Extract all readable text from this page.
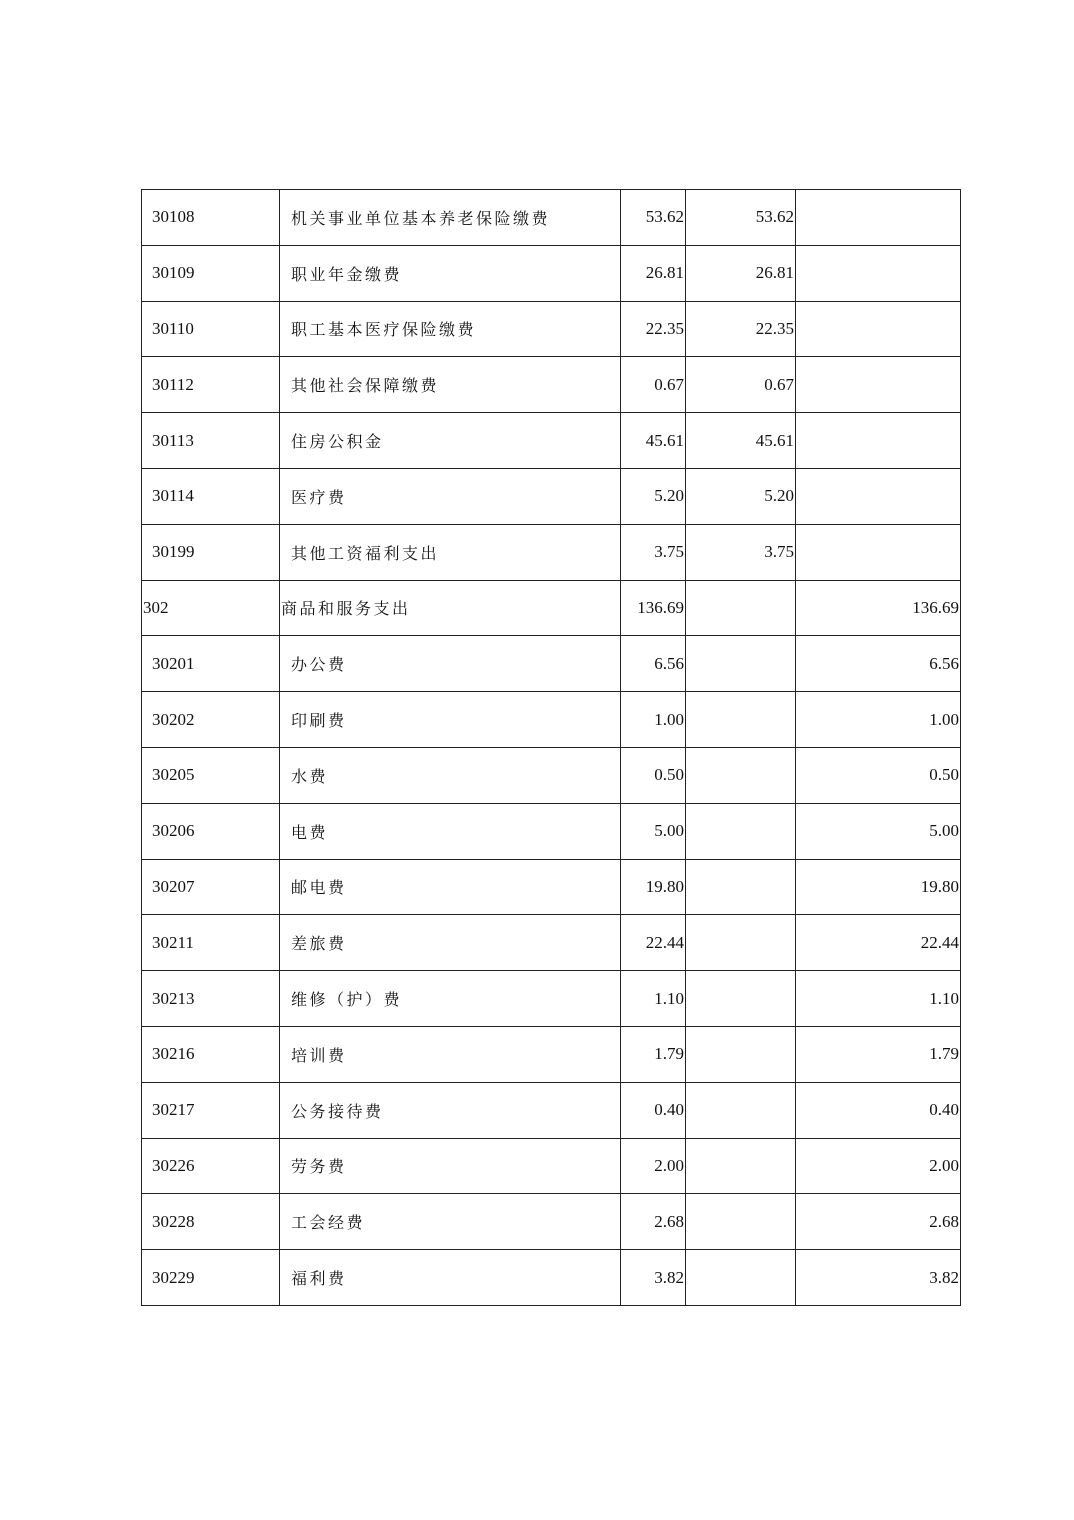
30108	机关事业单位基本养老保险缴费	53.62	53.62	
30109	职业年金缴费	26.81	26.81	
30110	职工基本医疗保险缴费	22.35	22.35	
30112	其他社会保障缴费	0.67	0.67	
30113	住房公积金	45.61	45.61	
30114	医疗费	5.20	5.20	
30199	其他工资福利支出	3.75	3.75	
302	商品和服务支出	136.69		136.69
30201	办公费	6.56		6.56
30202	印刷费	1.00		1.00
30205	水费	0.50		0.50
30206	电费	5.00		5.00
30207	邮电费	19.80		19.80
30211	差旅费	22.44		22.44
30213	维修（护）费	1.10		1.10
30216	培训费	1.79		1.79
30217	公务接待费	0.40		0.40
30226	劳务费	2.00		2.00
30228	工会经费	2.68		2.68
30229	福利费	3.82		3.82
